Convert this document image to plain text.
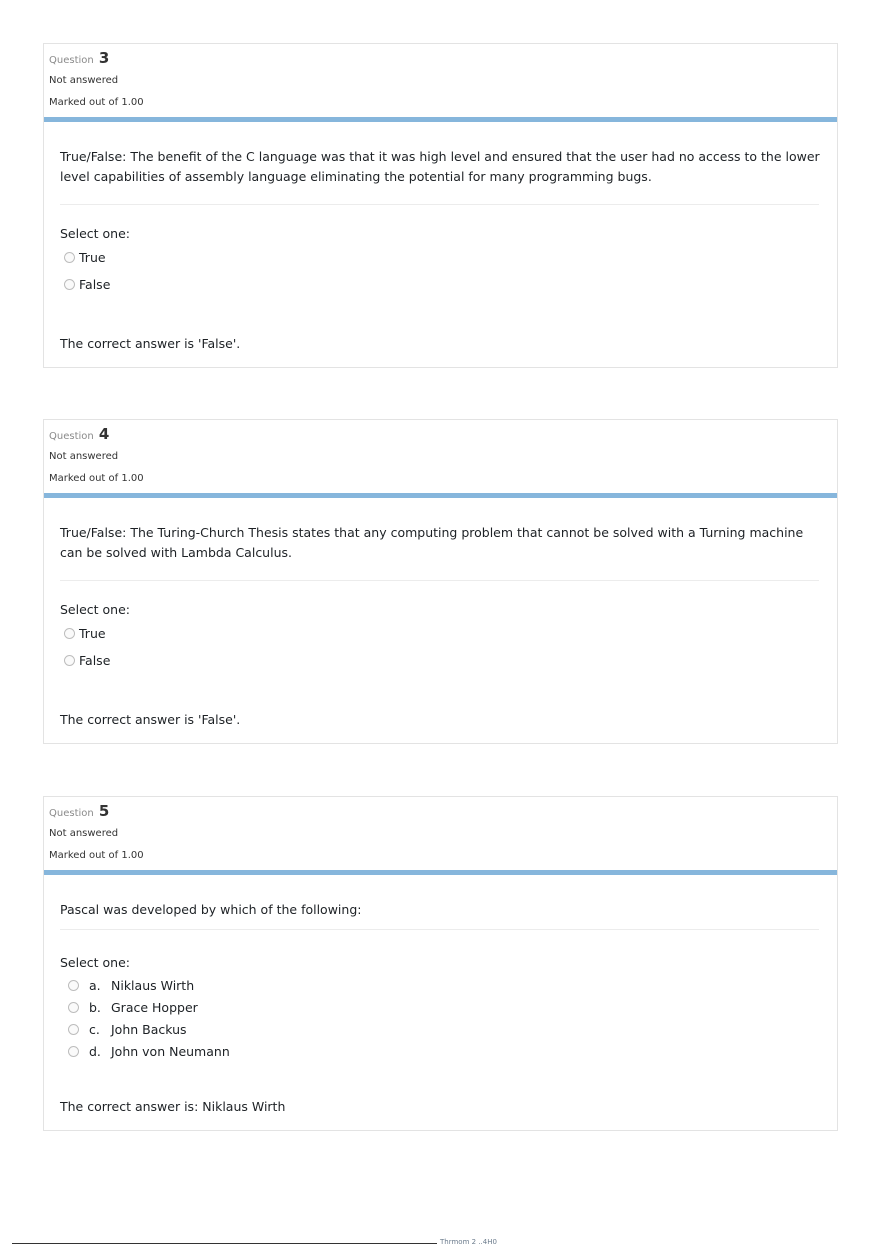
Question 3
Not answered
Marked out of 1.00
True/False: The benefit of the C language was that it was high level and ensured that the user had no access to the lower level capabilities of assembly language eliminating the potential for many programming bugs.
Select one:
True
False
The correct answer is 'False'.
Question 4
Not answered
Marked out of 1.00
True/False: The Turing-Church Thesis states that any computing problem that cannot be solved with a Turning machine can be solved with Lambda Calculus.
Select one:
True
False
The correct answer is 'False'.
Question 5
Not answered
Marked out of 1.00
Pascal was developed by which of the following:
Select one:
a. Niklaus Wirth
b. Grace Hopper
c. John Backus
d. John von Neumann
The correct answer is: Niklaus Wirth
Thrmom 2 ..4H0
